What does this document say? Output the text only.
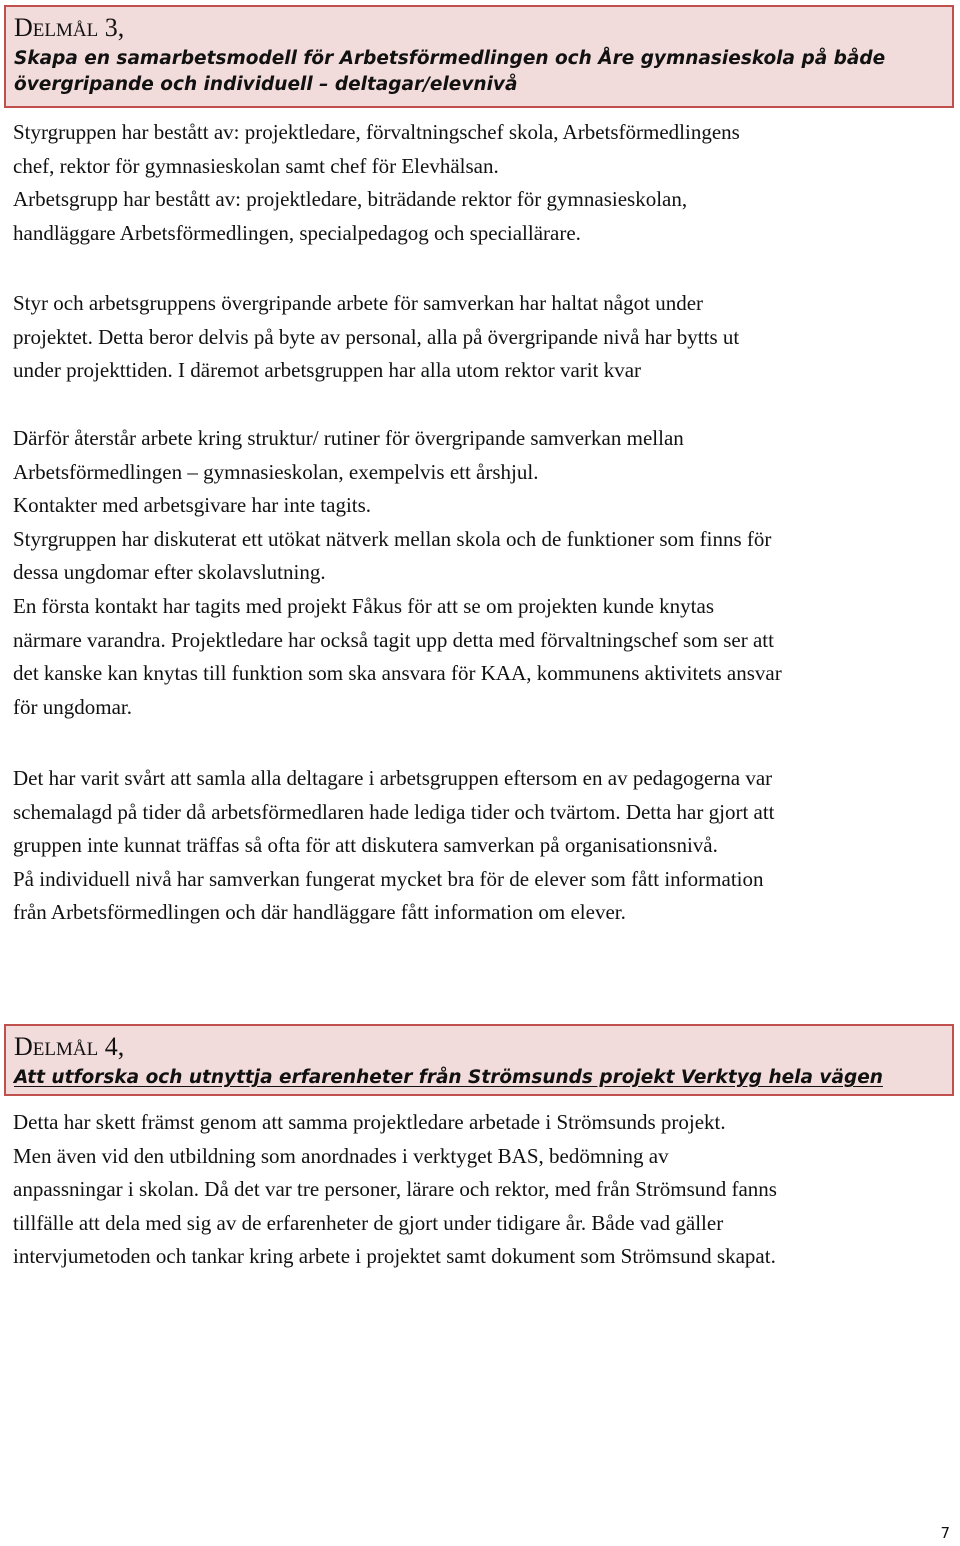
DELMÅL 3,
Skapa en samarbetsmodell för Arbetsförmedlingen och Åre gymnasieskola på både
övergripande och individuell – deltagar/elevnivå
Styrgruppen har bestått av: projektledare, förvaltningschef skola, Arbetsförmedlingens
chef, rektor för gymnasieskolan samt chef för Elevhälsan.
Arbetsgrupp har bestått av: projektledare, biträdande rektor för gymnasieskolan,
handläggare Arbetsförmedlingen, specialpedagog och speciallärare.
Styr och arbetsgruppens övergripande arbete för samverkan har haltat något under
projektet. Detta beror delvis på byte av personal, alla på övergripande nivå har bytts ut
under projekttiden. I däremot arbetsgruppen har alla utom rektor varit kvar
Därför återstår arbete kring struktur/ rutiner för övergripande samverkan mellan
Arbetsförmedlingen – gymnasieskolan, exempelvis ett årshjul.
Kontakter med arbetsgivare har inte tagits.
Styrgruppen har diskuterat ett utökat nätverk mellan skola och de funktioner som finns för
dessa ungdomar efter skolavslutning.
En första kontakt har tagits med projekt Fåkus för att se om projekten kunde knytas
närmare varandra. Projektledare har också tagit upp detta med förvaltningschef som ser att
det kanske kan knytas till funktion som ska ansvara för KAA, kommunens aktivitets ansvar
för ungdomar.
Det har varit svårt att samla alla deltagare i arbetsgruppen eftersom en av pedagogerna var
schemalagd på tider då arbetsförmedlaren hade lediga tider och tvärtom. Detta har gjort att
gruppen inte kunnat träffas så ofta för att diskutera samverkan på organisationsnivå.
På individuell nivå har samverkan fungerat mycket bra för de elever som fått information
från Arbetsförmedlingen och där handläggare fått information om elever.
DELMÅL 4,
Att utforska och utnyttja erfarenheter från Strömsunds projekt Verktyg hela vägen
Detta har skett främst genom att samma projektledare arbetade i Strömsunds projekt.
Men även vid den utbildning som anordnades i verktyget BAS, bedömning av
anpassningar i skolan. Då det var tre personer, lärare och rektor, med från Strömsund fanns
tillfälle att dela med sig av de erfarenheter de gjort under tidigare år. Både vad gäller
intervjumetoden och tankar kring arbete i projektet samt dokument som Strömsund skapat.
7
